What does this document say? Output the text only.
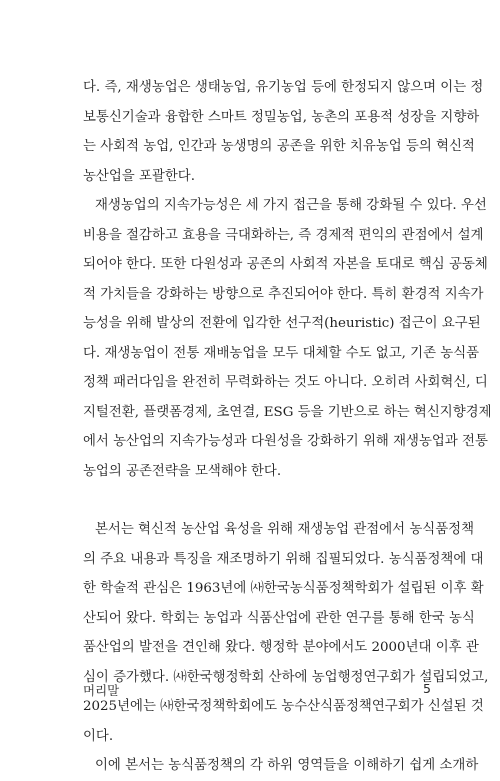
다. 즉, 재생농업은 생태농업, 유기농업 등에 한정되지 않으며 이는 정
보통신기술과 융합한 스마트 정밀농업, 농촌의 포용적 성장을 지향하
는 사회적 농업, 인간과 농생명의 공존을 위한 치유농업 등의 혁신적
농산업을 포괄한다.
재생농업의 지속가능성은 세 가지 접근을 통해 강화될 수 있다. 우선
비용을 절감하고 효용을 극대화하는, 즉 경제적 편익의 관점에서 설계
되어야 한다. 또한 다원성과 공존의 사회적 자본을 토대로 핵심 공동체
적 가치들을 강화하는 방향으로 추진되어야 한다. 특히 환경적 지속가
능성을 위해 발상의 전환에 입각한 선구적(heuristic) 접근이 요구된
다. 재생농업이 전통 재배농업을 모두 대체할 수도 없고, 기존 농식품
정책 패러다임을 완전히 무력화하는 것도 아니다. 오히려 사회혁신, 디
지털전환, 플랫폼경제, 초연결, ESG 등을 기반으로 하는 혁신지향경제
에서 농산업의 지속가능성과 다원성을 강화하기 위해 재생농업과 전통
농업의 공존전략을 모색해야 한다.
본서는 혁신적 농산업 육성을 위해 재생농업 관점에서 농식품정책
의 주요 내용과 특징을 재조명하기 위해 집필되었다. 농식품정책에 대
한 학술적 관심은 1963년에 ㈔한국농식품정책학회가 설립된 이후 확
산되어 왔다. 학회는 농업과 식품산업에 관한 연구를 통해 한국 농식
품산업의 발전을 견인해 왔다. 행정학 분야에서도 2000년대 이후 관
심이 증가했다. ㈔한국행정학회 산하에 농업행정연구회가 설립되었고,
2025년에는 ㈔한국정책학회에도 농수산식품정책연구회가 신설된 것
이다.
이에 본서는 농식품정책의 각 하위 영역들을 이해하기 쉽게 소개하
머리말	5
